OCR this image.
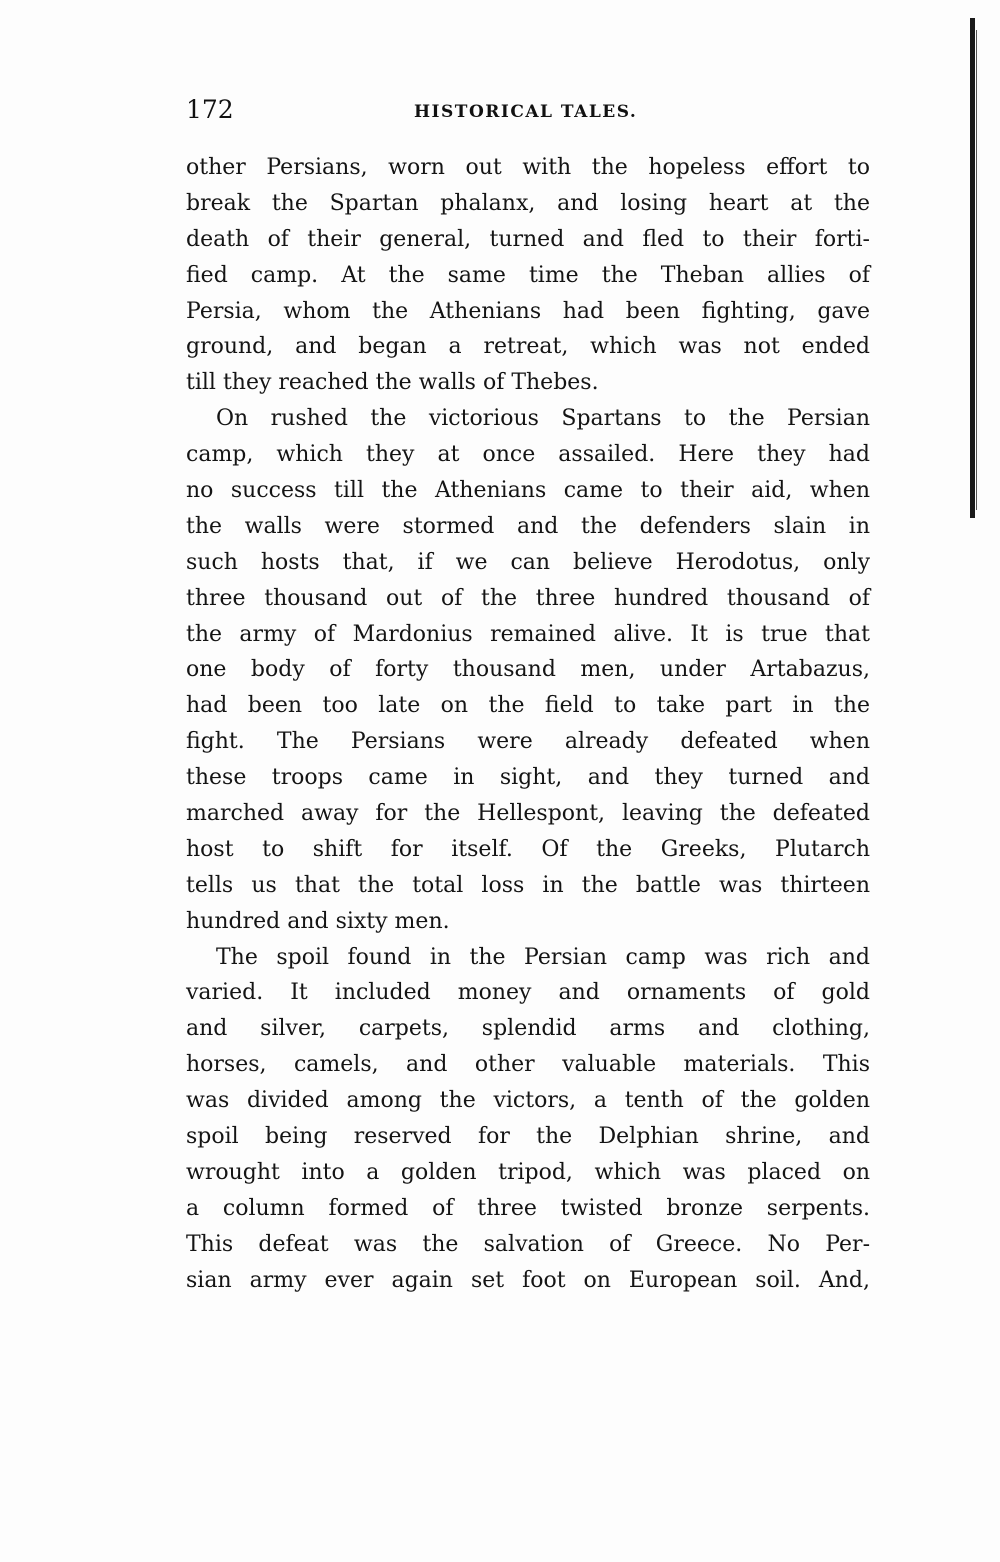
172	HISTORICAL TALES.
other Persians, worn out with the hopeless effort to
break the Spartan phalanx, and losing heart at the
death of their general, turned and fled to their forti-
fied camp. At the same time the Theban allies of
Persia, whom the Athenians had been fighting, gave
ground, and began a retreat, which was not ended
till they reached the walls of Thebes.
On rushed the victorious Spartans to the Persian
camp, which they at once assailed. Here they had
no success till the Athenians came to their aid, when
the walls were stormed and the defenders slain in
such hosts that, if we can believe Herodotus, only
three thousand out of the three hundred thousand of
the army of Mardonius remained alive. It is true that
one body of forty thousand men, under Artabazus,
had been too late on the field to take part in the
fight. The Persians were already defeated when
these troops came in sight, and they turned and
marched away for the Hellespont, leaving the defeated
host to shift for itself. Of the Greeks, Plutarch
tells us that the total loss in the battle was thirteen
hundred and sixty men.
The spoil found in the Persian camp was rich and
varied. It included money and ornaments of gold
and silver, carpets, splendid arms and clothing,
horses, camels, and other valuable materials. This
was divided among the victors, a tenth of the golden
spoil being reserved for the Delphian shrine, and
wrought into a golden tripod, which was placed on
a column formed of three twisted bronze serpents.
This defeat was the salvation of Greece. No Per-
sian army ever again set foot on European soil. And,
